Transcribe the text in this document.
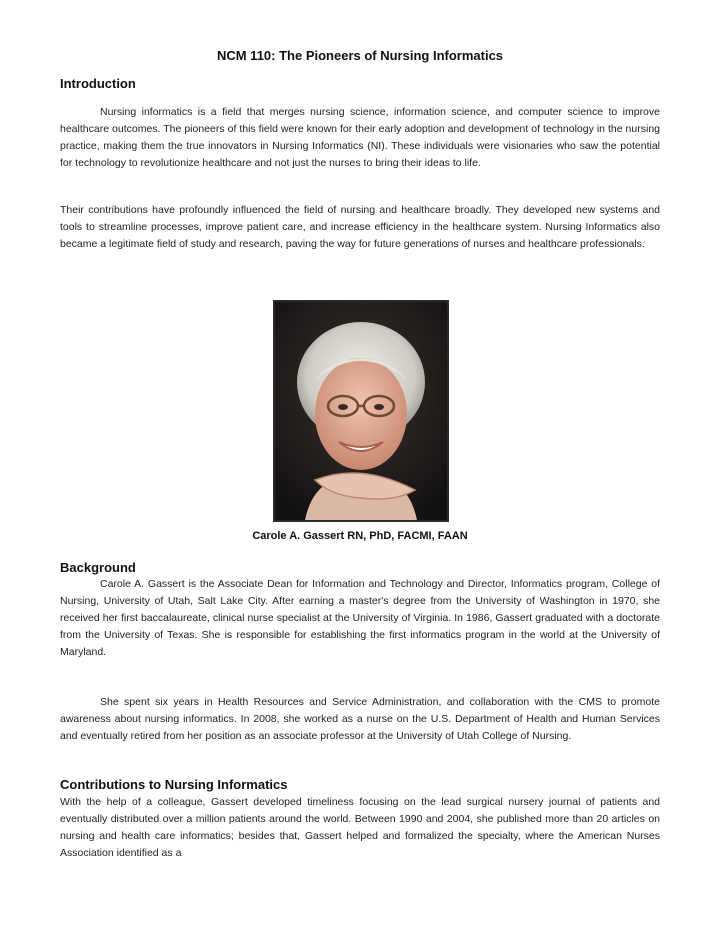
NCM 110: The Pioneers of Nursing Informatics
Introduction
Nursing informatics is a field that merges nursing science, information science, and computer science to improve healthcare outcomes. The pioneers of this field were known for their early adoption and development of technology in the nursing practice, making them the true innovators in Nursing Informatics (NI). These individuals were visionaries who saw the potential for technology to revolutionize healthcare and not just the nurses to bring their ideas to life.
Their contributions have profoundly influenced the field of nursing and healthcare broadly. They developed new systems and tools to streamline processes, improve patient care, and increase efficiency in the healthcare system. Nursing Informatics also became a legitimate field of study and research, paving the way for future generations of nurses and healthcare professionals.
Carole A. Gassert RN, PhD, FACMI, FAAN
Background
Carole A. Gassert is the Associate Dean for Information and Technology and Director, Informatics program, College of Nursing, University of Utah, Salt Lake City. After earning a master's degree from the University of Washington in 1970, she received her first baccalaureate, clinical nurse specialist at the University of Virginia. In 1986, Gassert graduated with a doctorate from the University of Texas. She is responsible for establishing the first informatics program in the world at the University of Maryland.
She spent six years in Health Resources and Service Administration, and collaboration with the CMS to promote awareness about nursing informatics. In 2008, she worked as a nurse on the U.S. Department of Health and Human Services and eventually retired from her position as an associate professor at the University of Utah College of Nursing.
Contributions to Nursing Informatics
With the help of a colleague, Gassert developed timeliness focusing on the lead surgical nursery journal of patients and eventually distributed over a million patients around the world. Between 1990 and 2004, she published more than 20 articles on nursing and health care informatics; besides that, Gassert helped and formalized the specialty, where the American Nurses Association identified as a
